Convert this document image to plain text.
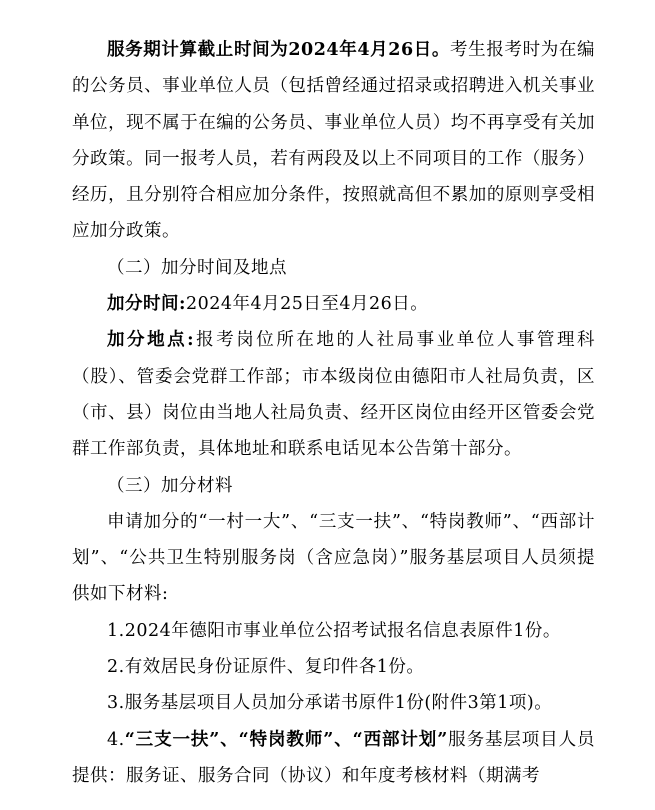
服务期计算截止时间为2024年4月26日。考生报考时为在编的公务员、事业单位人员（包括曾经通过招录或招聘进入机关事业单位，现不属于在编的公务员、事业单位人员）均不再享受有关加分政策。同一报考人员，若有两段及以上不同项目的工作（服务）经历，且分别符合相应加分条件，按照就高但不累加的原则享受相应加分政策。

（二）加分时间及地点

加分时间:2024年4月25日至4月26日。

加分地点:报考岗位所在地的人社局事业单位人事管理科（股）、管委会党群工作部；市本级岗位由德阳市人社局负责，区（市、县）岗位由当地人社局负责、经开区岗位由经开区管委会党群工作部负责，具体地址和联系电话见本公告第十部分。

（三）加分材料

申请加分的“一村一大”、“三支一扶”、“特岗教师”、“西部计划”、“公共卫生特别服务岗（含应急岗）”服务基层项目人员须提供如下材料:

1.2024年德阳市事业单位公招考试报名信息表原件1份。

2.有效居民身份证原件、复印件各1份。

3.服务基层项目人员加分承诺书原件1份(附件3第1项)。

4.“三支一扶”、“特岗教师”、“西部计划”服务基层项目人员提供：服务证、服务合同（协议）和年度考核材料（期满考
